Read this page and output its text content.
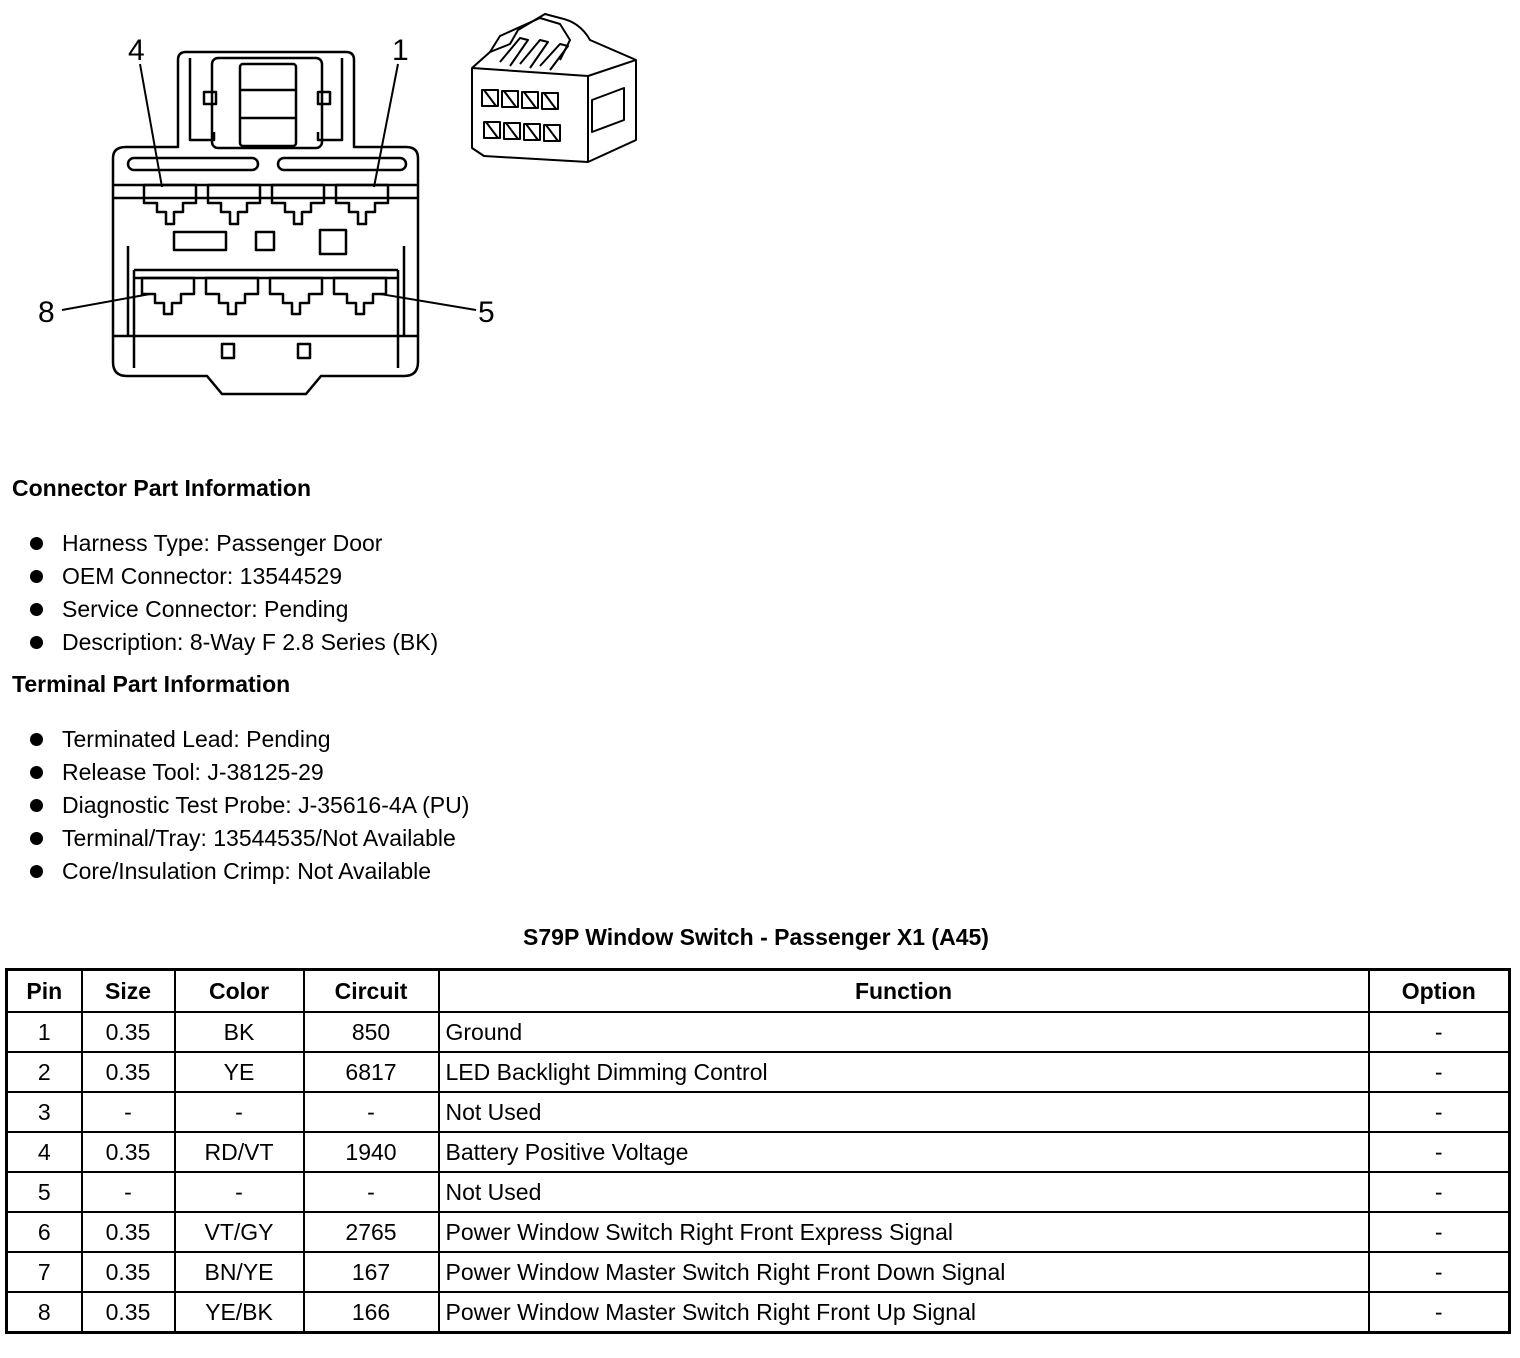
4	1
8	5
Connector Part Information
Harness Type: Passenger Door
OEM Connector: 13544529
Service Connector: Pending
Description: 8-Way F 2.8 Series (BK)
Terminal Part Information
Terminated Lead: Pending
Release Tool: J-38125-29
Diagnostic Test Probe: J-35616-4A (PU)
Terminal/Tray: 13544535/Not Available
Core/Insulation Crimp: Not Available
S79P Window Switch - Passenger X1 (A45)
Pin	Size	Color	Circuit	Function	Option
1	0.35	BK	850	Ground	-
2	0.35	YE	6817	LED Backlight Dimming Control	-
3	-	-	-	Not Used	-
4	0.35	RD/VT	1940	Battery Positive Voltage	-
5	-	-	-	Not Used	-
6	0.35	VT/GY	2765	Power Window Switch Right Front Express Signal	-
7	0.35	BN/YE	167	Power Window Master Switch Right Front Down Signal	-
8	0.35	YE/BK	166	Power Window Master Switch Right Front Up Signal	-
